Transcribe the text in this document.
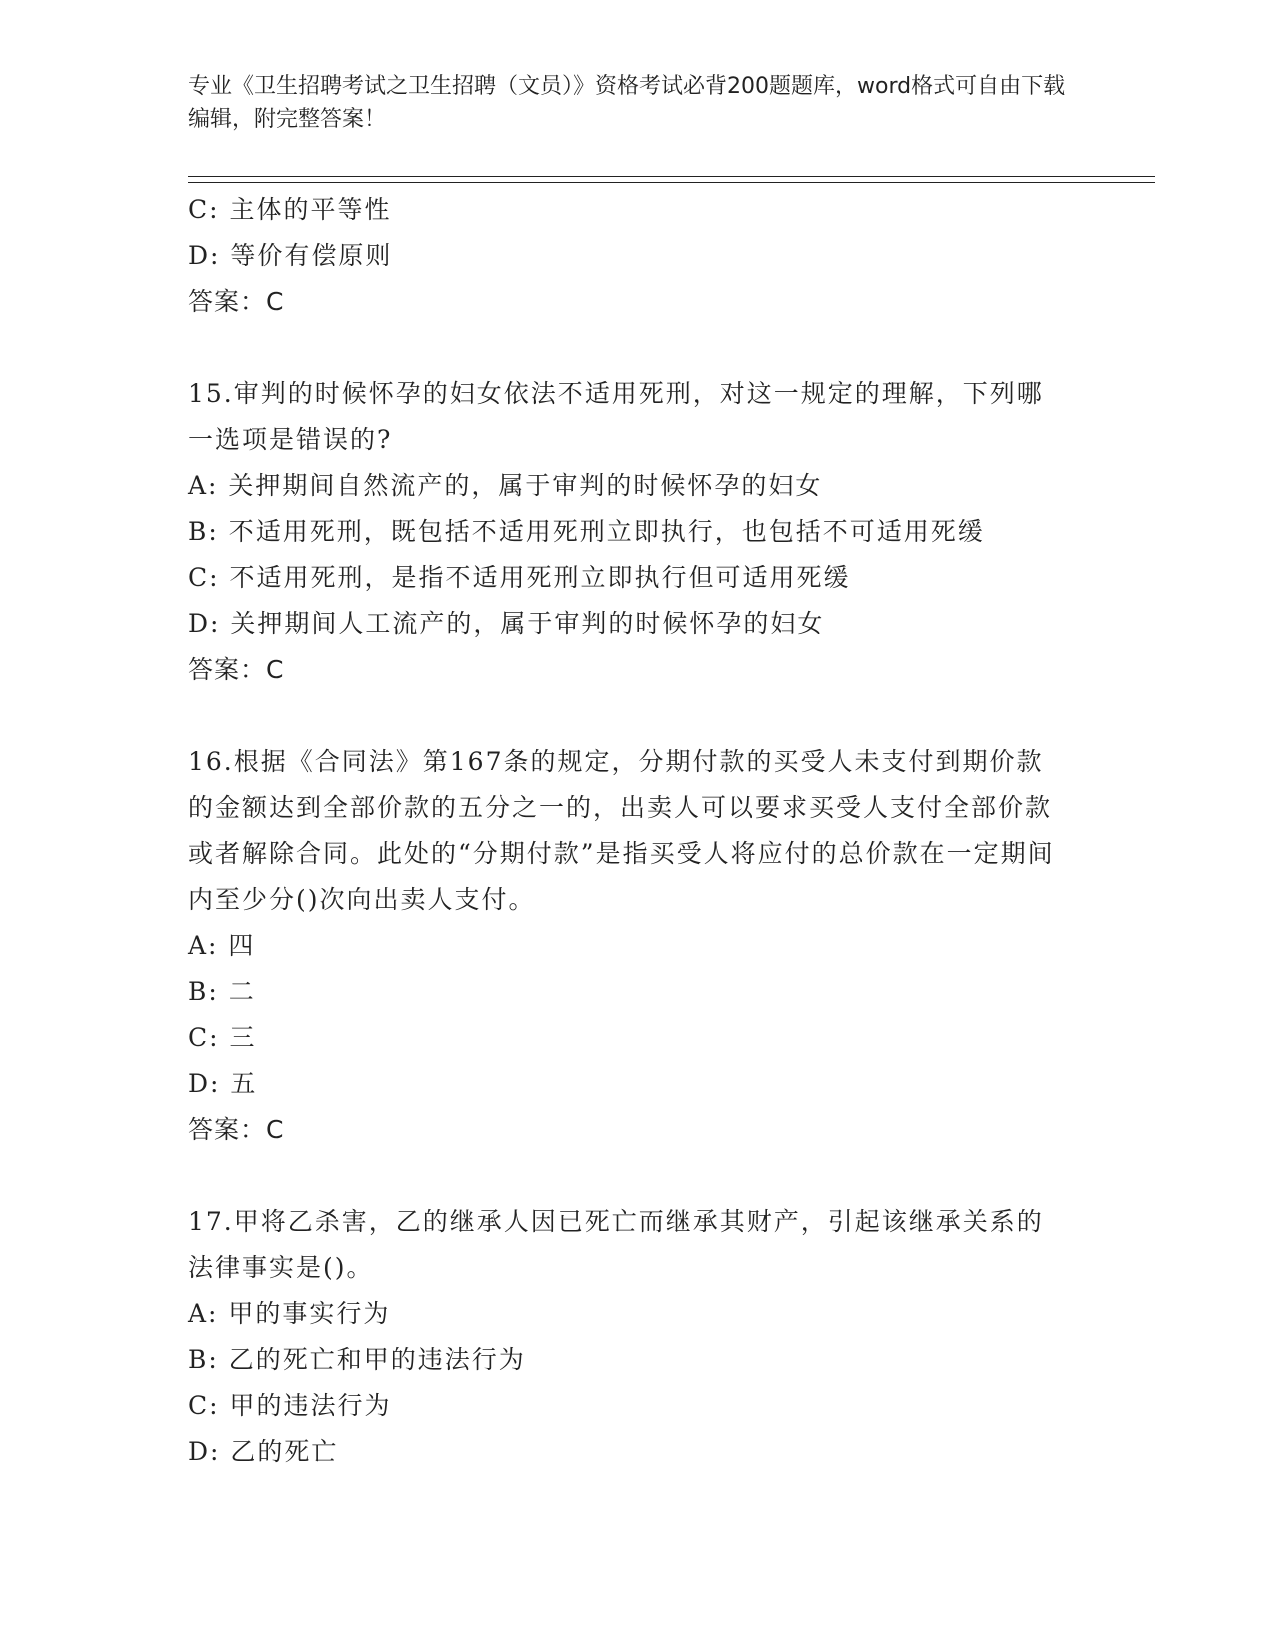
专业《卫生招聘考试之卫生招聘（文员）》资格考试必背200题题库，word格式可自由下载编辑，附完整答案！
C: 主体的平等性
D: 等价有偿原则
答案：C
15.审判的时候怀孕的妇女依法不适用死刑，对这一规定的理解，下列哪一选项是错误的?
A: 关押期间自然流产的，属于审判的时候怀孕的妇女
B: 不适用死刑，既包括不适用死刑立即执行，也包括不可适用死缓
C: 不适用死刑，是指不适用死刑立即执行但可适用死缓
D: 关押期间人工流产的，属于审判的时候怀孕的妇女
答案：C
16.根据《合同法》第167条的规定，分期付款的买受人未支付到期价款的金额达到全部价款的五分之一的，出卖人可以要求买受人支付全部价款或者解除合同。此处的“分期付款”是指买受人将应付的总价款在一定期间内至少分()次向出卖人支付。
A: 四
B: 二
C: 三
D: 五
答案：C
17.甲将乙杀害，乙的继承人因已死亡而继承其财产，引起该继承关系的法律事实是()。
A: 甲的事实行为
B: 乙的死亡和甲的违法行为
C: 甲的违法行为
D: 乙的死亡
